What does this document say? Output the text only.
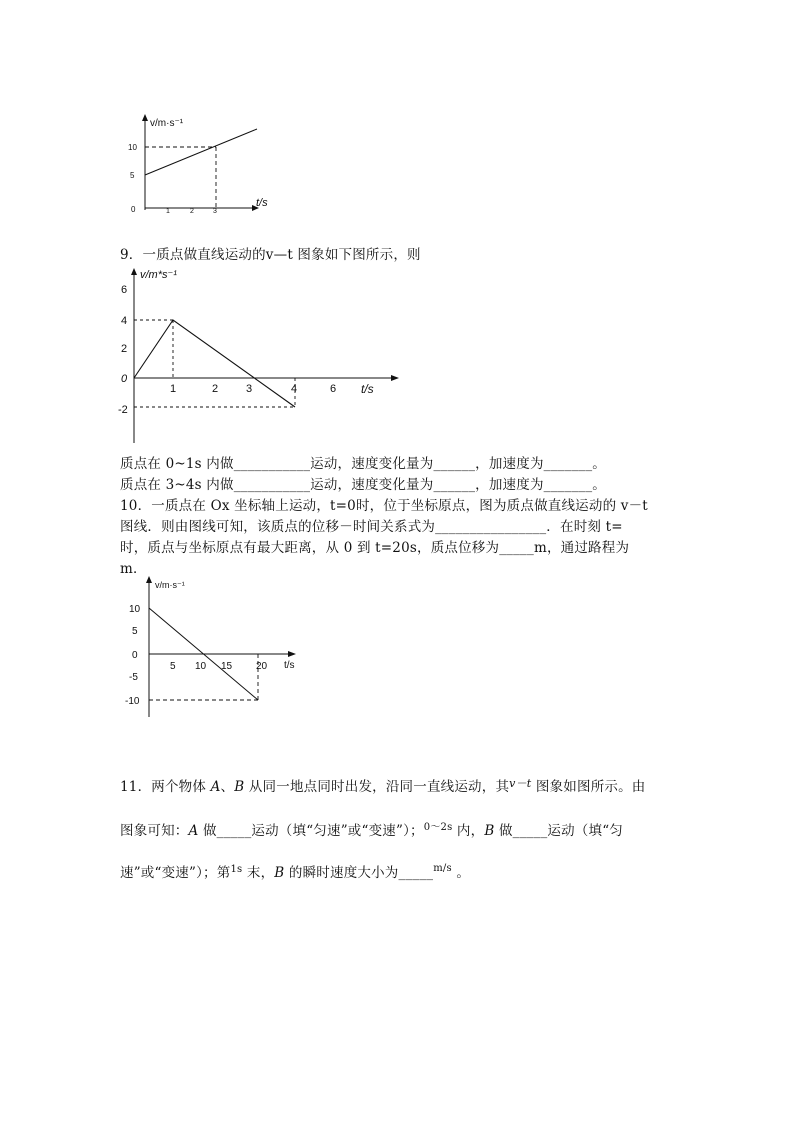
v/m·s⁻¹
t/s
10
5
0	1	2	3
9．一质点做直线运动的v—t 图象如下图所示，则
v/m*s⁻¹
t/s
6
4
2
0
-2
1	2	3	4	6
质点在 0~1s 内做___________运动，速度变化量为______，加速度为_______。
质点在 3~4s 内做___________运动，速度变化量为______，加速度为_______。
10．一质点在 Ox 坐标轴上运动，t=0时，位于坐标原点，图为质点做直线运动的 v－t
图线．则由图线可知，该质点的位移－时间关系式为________________．在时刻 t=
时，质点与坐标原点有最大距离，从 0 到 t=20s，质点位移为_____m，通过路程为
m．
v/m·s⁻¹
t/s
10
5
0
-5
-10
5 10 15 20
11．两个物体 A、B 从同一地点同时出发，沿同一直线运动，其$^{v-t}$ 图象如图所示。由
图象可知：A 做_____运动（填“匀速”或“变速”）；$^{0\sim 2s}$ 内，B 做_____运动（填“匀
速”或“变速”）；第$^{1s}$ 末，B 的瞬时速度大小为_____$^{m/s}$ 。
